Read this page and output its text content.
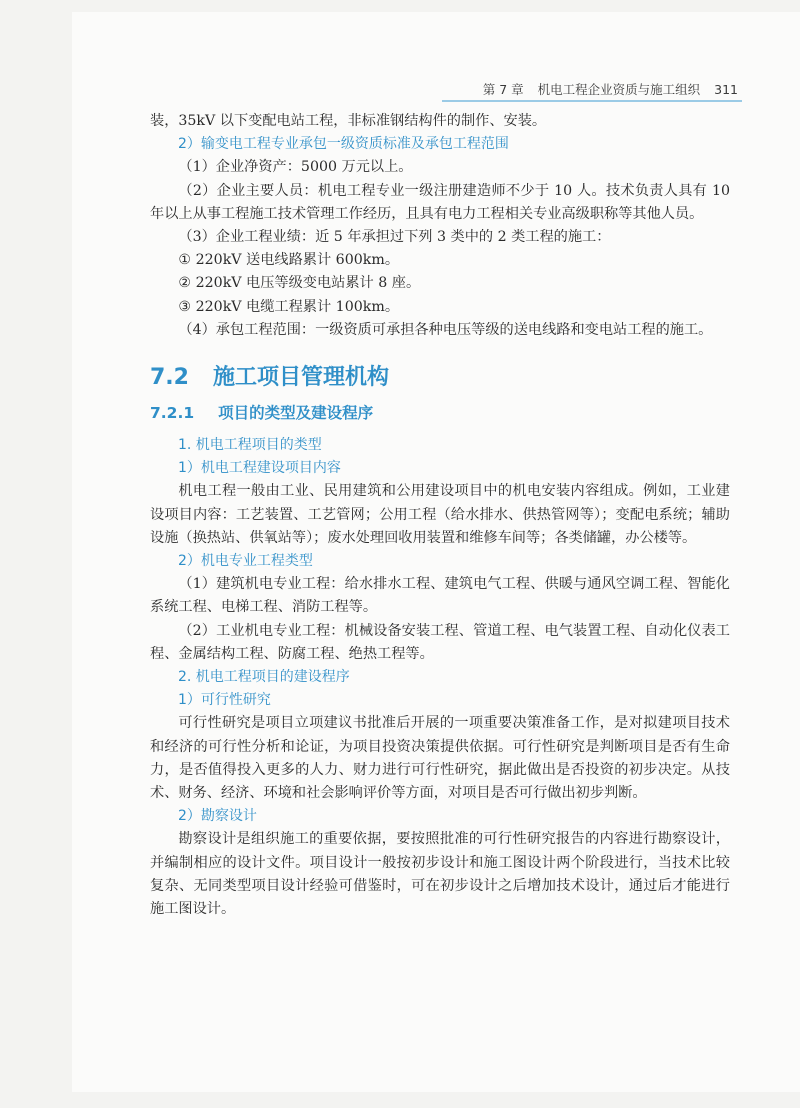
第 7 章 机电工程企业资质与施工组织 311

装，35kV 以下变配电站工程，非标准钢结构件的制作、安装。

2）输变电工程专业承包一级资质标准及承包工程范围

（1）企业净资产：5000 万元以上。

（2）企业主要人员：机电工程专业一级注册建造师不少于 10 人。技术负责人具有 10 年以上从事工程施工技术管理工作经历，且具有电力工程相关专业高级职称等其他人员。

（3）企业工程业绩：近 5 年承担过下列 3 类中的 2 类工程的施工：

① 220kV 送电线路累计 600km。

② 220kV 电压等级变电站累计 8 座。

③ 220kV 电缆工程累计 100km。

（4）承包工程范围：一级资质可承担各种电压等级的送电线路和变电站工程的施工。

7.2 施工项目管理机构
7.2.1 项目的类型及建设程序

1. 机电工程项目的类型

1）机电工程建设项目内容

机电工程一般由工业、民用建筑和公用建设项目中的机电安装内容组成。例如，工业建设项目内容：工艺装置、工艺管网；公用工程（给水排水、供热管网等）；变配电系统；辅助设施（换热站、供氧站等）；废水处理回收用装置和维修车间等；各类储罐，办公楼等。

2）机电专业工程类型

（1）建筑机电专业工程：给水排水工程、建筑电气工程、供暖与通风空调工程、智能化系统工程、电梯工程、消防工程等。

（2）工业机电专业工程：机械设备安装工程、管道工程、电气装置工程、自动化仪表工程、金属结构工程、防腐工程、绝热工程等。

2. 机电工程项目的建设程序

1）可行性研究

可行性研究是项目立项建议书批准后开展的一项重要决策准备工作，是对拟建项目技术和经济的可行性分析和论证，为项目投资决策提供依据。可行性研究是判断项目是否有生命力，是否值得投入更多的人力、财力进行可行性研究，据此做出是否投资的初步决定。从技术、财务、经济、环境和社会影响评价等方面，对项目是否可行做出初步判断。

2）勘察设计

勘察设计是组织施工的重要依据，要按照批准的可行性研究报告的内容进行勘察设计，并编制相应的设计文件。项目设计一般按初步设计和施工图设计两个阶段进行，当技术比较复杂、无同类型项目设计经验可借鉴时，可在初步设计之后增加技术设计，通过后才能进行施工图设计。
